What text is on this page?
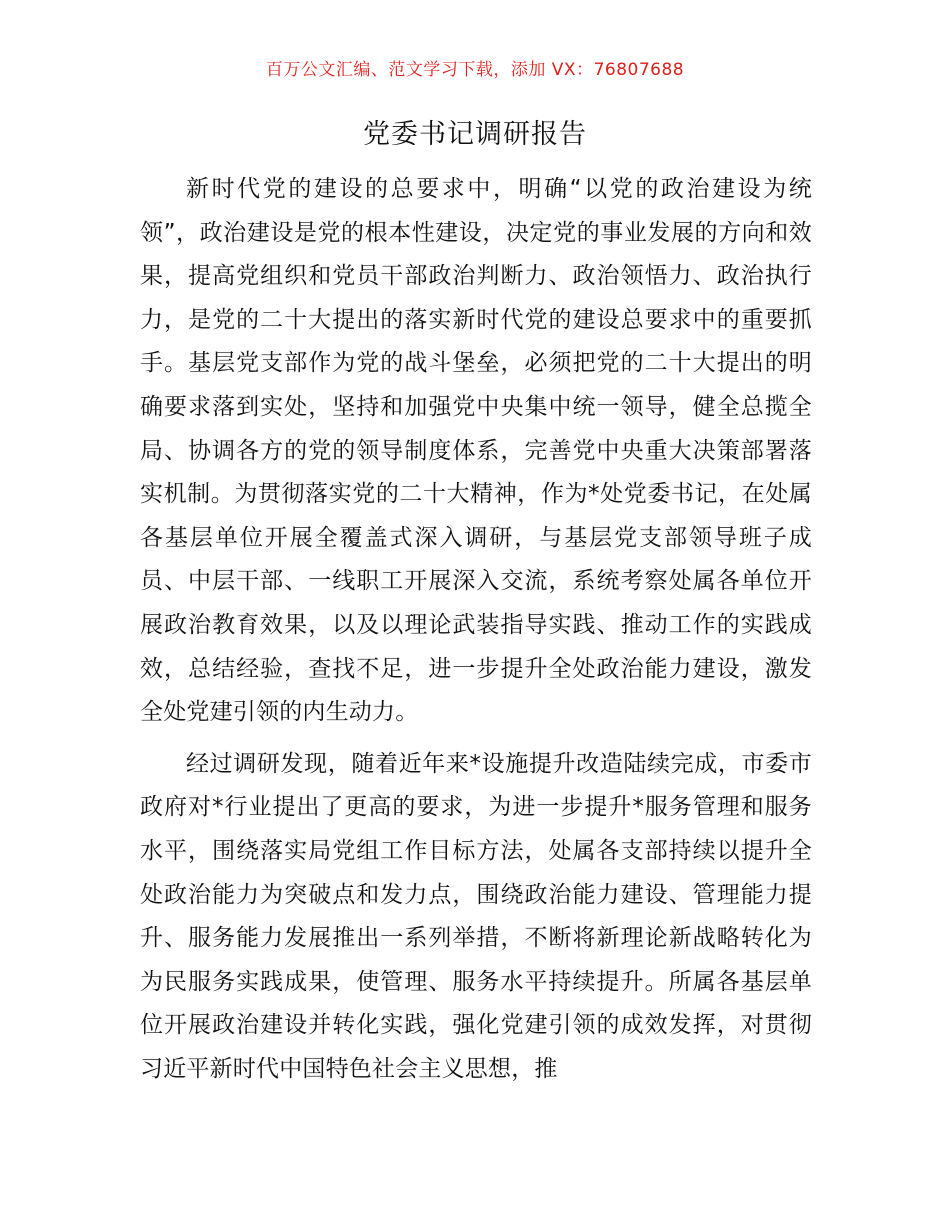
百万公文汇编、范文学习下载，添加 VX：76807688
党委书记调研报告

新时代党的建设的总要求中，明确“以党的政治建设为统领”，政治建设是党的根本性建设，决定党的事业发展的方向和效果，提高党组织和党员干部政治判断力、政治领悟力、政治执行力，是党的二十大提出的落实新时代党的建设总要求中的重要抓手。基层党支部作为党的战斗堡垒，必须把党的二十大提出的明确要求落到实处，坚持和加强党中央集中统一领导，健全总揽全局、协调各方的党的领导制度体系，完善党中央重大决策部署落实机制。为贯彻落实党的二十大精神，作为*处党委书记，在处属各基层单位开展全覆盖式深入调研，与基层党支部领导班子成员、中层干部、一线职工开展深入交流，系统考察处属各单位开展政治教育效果，以及以理论武装指导实践、推动工作的实践成效，总结经验，查找不足，进一步提升全处政治能力建设，激发全处党建引领的内生动力。

经过调研发现，随着近年来*设施提升改造陆续完成，市委市政府对*行业提出了更高的要求，为进一步提升*服务管理和服务水平，围绕落实局党组工作目标方法，处属各支部持续以提升全处政治能力为突破点和发力点，围绕政治能力建设、管理能力提升、服务能力发展推出一系列举措，不断将新理论新战略转化为为民服务实践成果，使管理、服务水平持续提升。所属各基层单位开展政治建设并转化实践，强化党建引领的成效发挥，对贯彻习近平新时代中国特色社会主义思想，推
